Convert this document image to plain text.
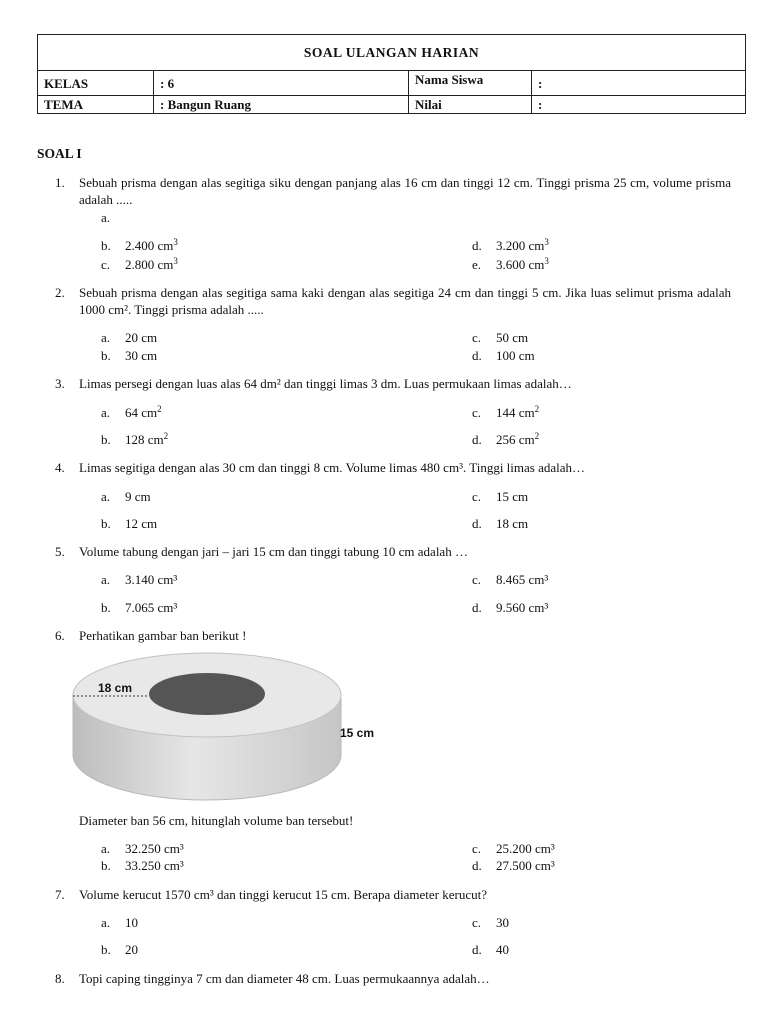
SOAL ULANGAN HARIAN			
KELAS	: 6	Nama Siswa	:
TEMA	: Bangun Ruang	Nilai	:
SOAL I
1. Sebuah prisma dengan alas segitiga siku dengan panjang alas 16 cm dan tinggi 12 cm. Tinggi prisma 25 cm, volume prisma adalah .....
a.
b. 2.400 $cm^3$
c. 2.800 $cm^3$
d. 3.200 $cm^3$
e. 3.600 $cm^3$
2. Sebuah prisma dengan alas segitiga sama kaki dengan alas segitiga 24 cm dan tinggi 5 cm. Jika luas selimut prisma adalah 1000 cm². Tinggi prisma adalah .....
a. 20 cm
b. 30 cm
c. 50 cm
d. 100 cm
3. Limas persegi dengan luas alas 64 dm² dan tinggi limas 3 dm. Luas permukaan limas adalah…
a. 64 $cm^2$
b. 128 $cm^2$
c. 144 $cm^2$
d. 256 $cm^2$
4. Limas segitiga dengan alas 30 cm dan tinggi 8 cm. Volume limas 480 cm³. Tinggi limas adalah…
a. 9 cm
b. 12 cm
c. 15 cm
d. 18 cm
5. Volume tabung dengan jari – jari 15 cm dan tinggi tabung 10 cm adalah …
a. 3.140 cm³
b. 7.065 cm³
c. 8.465 cm³
d. 9.560 cm³
6. Perhatikan gambar ban berikut !
18 cm
15 cm
Diameter ban 56 cm, hitunglah volume ban tersebut!
a. 32.250 cm³
b. 33.250 cm³
c. 25.200 cm³
d. 27.500 cm³
7. Volume kerucut 1570 cm³ dan tinggi kerucut 15 cm. Berapa diameter kerucut?
a. 10
b. 20
c. 30
d. 40
8. Topi caping tingginya 7 cm dan diameter 48 cm. Luas permukaannya adalah…
